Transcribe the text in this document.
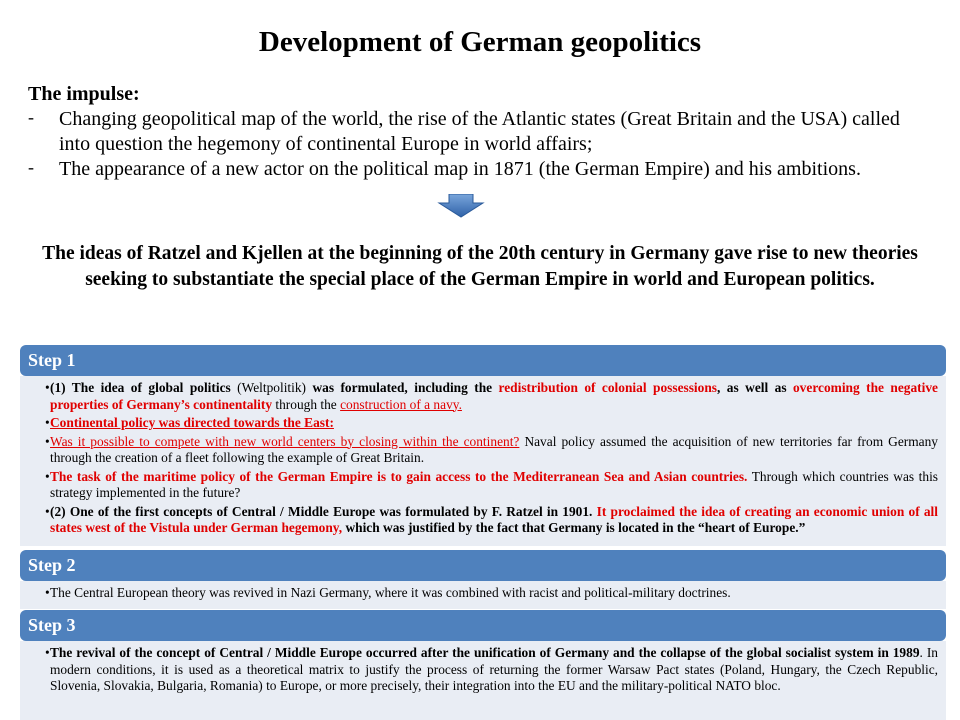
Development of German geopolitics
The impulse:
- Changing geopolitical map of the world, the rise of the Atlantic states (Great Britain and the USA) called into question the hegemony of continental Europe in world affairs;
- The appearance of a new actor on the political map in 1871 (the German Empire) and his ambitions.
The ideas of Ratzel and Kjellen at the beginning of the 20th century in Germany gave rise to new theories seeking to substantiate the special place of the German Empire in world and European politics.
Step 1

• (1) The idea of global politics (Weltpolitik) was formulated, including the redistribution of colonial possessions, as well as overcoming the negative properties of Germany’s continentality through the construction of a navy.

• Continental policy was directed towards the East:

• Was it possible to compete with new world centers by closing within the continent? Naval policy assumed the acquisition of new territories far from Germany through the creation of a fleet following the example of Great Britain.

• The task of the maritime policy of the German Empire is to gain access to the Mediterranean Sea and Asian countries. Through which countries was this strategy implemented in the future?

• (2) One of the first concepts of Central / Middle Europe was formulated by F. Ratzel in 1901. It proclaimed the idea of creating an economic union of all states west of the Vistula under German hegemony, which was justified by the fact that Germany is located in the “heart of Europe.”

Step 2

• The Central European theory was revived in Nazi Germany, where it was combined with racist and political-military doctrines.

Step 3

• The revival of the concept of Central / Middle Europe occurred after the unification of Germany and the collapse of the global socialist system in 1989. In modern conditions, it is used as a theoretical matrix to justify the process of returning the former Warsaw Pact states (Poland, Hungary, the Czech Republic, Slovenia, Slovakia, Bulgaria, Romania) to Europe, or more precisely, their integration into the EU and the military-political NATO bloc.
